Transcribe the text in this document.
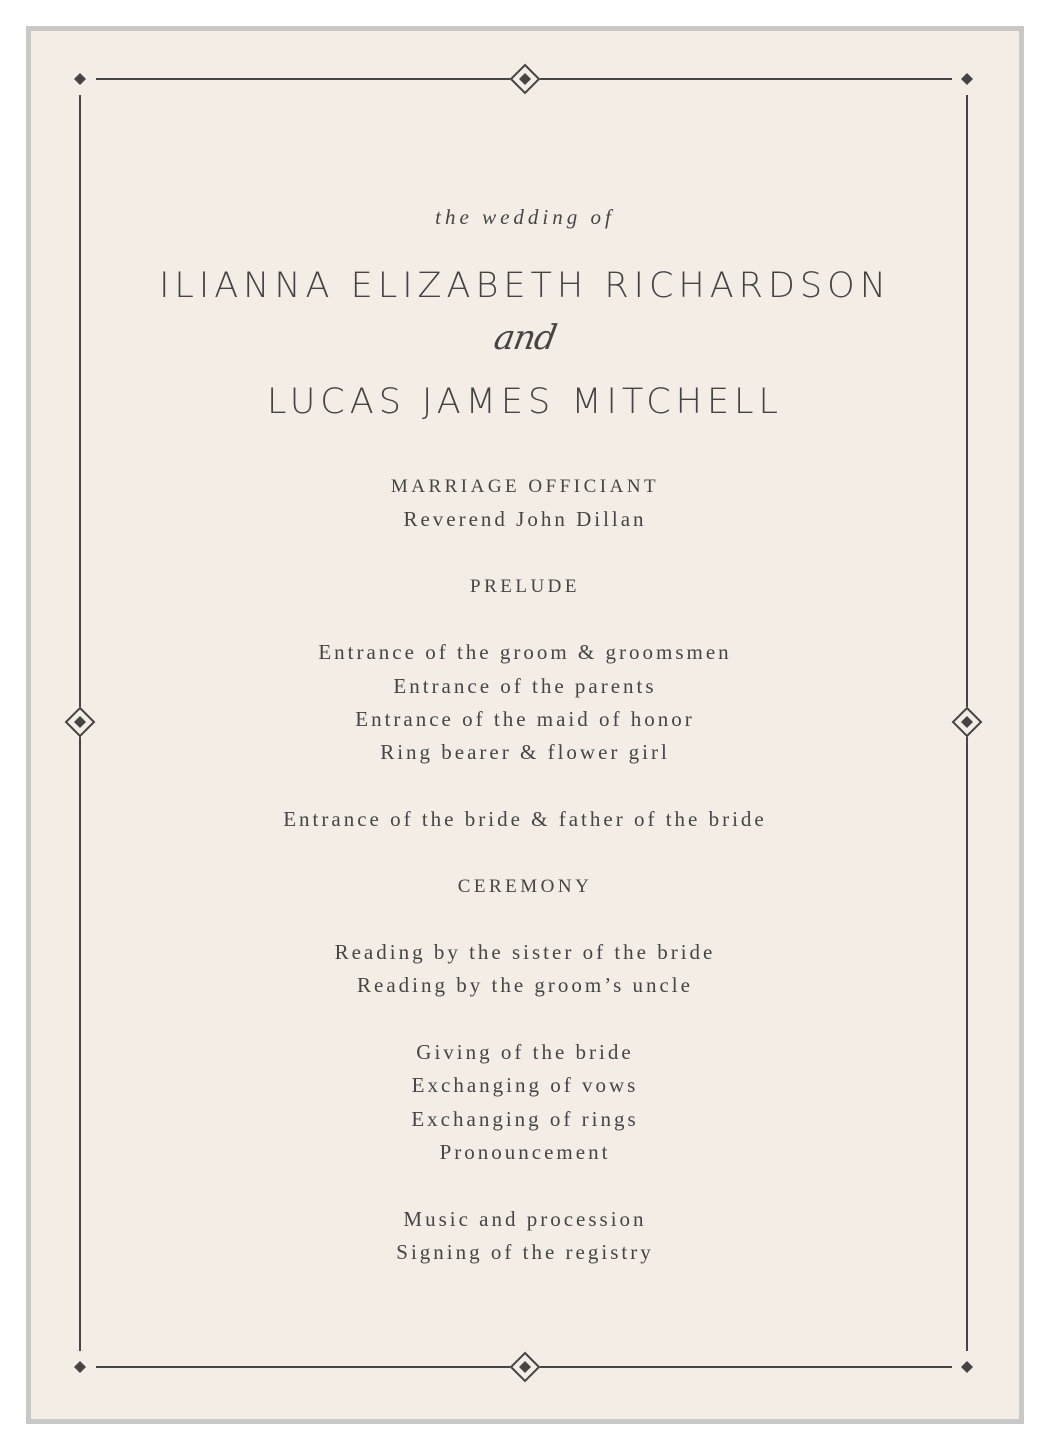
the wedding of
ILIANNA ELIZABETH RICHARDSON
and
LUCAS JAMES MITCHELL
MARRIAGE OFFICIANT
Reverend John Dillan
PRELUDE
Entrance of the groom & groomsmen
Entrance of the parents
Entrance of the maid of honor
Ring bearer & flower girl
Entrance of the bride & father of the bride
CEREMONY
Reading by the sister of the bride
Reading by the groom’s uncle
Giving of the bride
Exchanging of vows
Exchanging of rings
Pronouncement
Music and procession
Signing of the registry
